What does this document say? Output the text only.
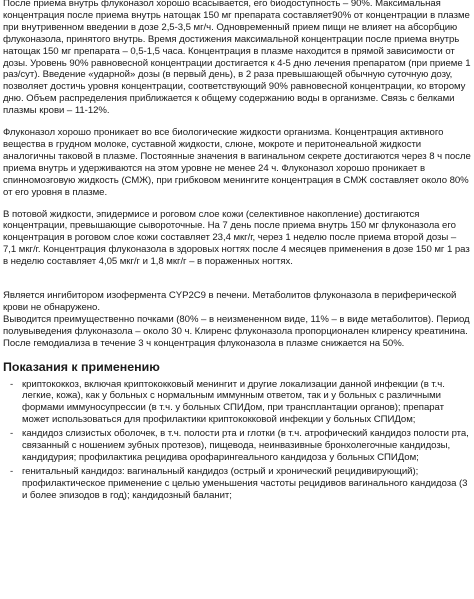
После приема внутрь флуконазол хорошо всасывается, его биодоступность – 90%. Максимальная концентрация после приема внутрь натощак 150 мг препарата составляет90% от концентрации в плазме при внутривенном введении в дозе 2,5-3,5 мг/ч. Одновременный прием пищи не влияет на абсорбцию флуконазола, принятого внутрь. Время достижения максимальной концентрации после приема внутрь натощак 150 мг препарата – 0,5-1,5 часа. Концентрация в плазме находится в прямой зависимости от дозы. Уровень 90% равновесной концентрации достигается к 4-5 дню лечения препаратом (при приеме 1 раз/сут). Введение «ударной» дозы (в первый день), в 2 раза превышающей обычную суточную дозу, позволяет достичь уровня концентрации, соответствующий 90% равновесной концентрации, ко второму дню. Объем распределения приближается к общему содержанию воды в организме. Связь с белками плазмы крови – 11-12%.

Флуконазол хорошо проникает во все биологические жидкости организма. Концентрация активного вещества в грудном молоке, суставной жидкости, слюне, мокроте и перитонеальной жидкости аналогичны таковой в плазме. Постоянные значения в вагинальном секрете достигаются через 8 ч после приема внутрь и удерживаются на этом уровне не менее 24 ч. Флуконазол хорошо проникает в спинномозговую жидкость (СМЖ), при грибковом менингите концентрация в СМЖ составляет около 80% от его уровня в плазме.

В потовой жидкости, эпидермисе и роговом слое кожи (селективное накопление) достигаются концентрации, превышающие сывороточные. На 7 день после приема внутрь 150 мг флуконазола его концентрация в роговом слое кожи составляет 23,4 мкг/г, через 1 неделю после приема второй дозы – 7,1 мкг/г. Концентрация флуконазола в здоровых ногтях после 4 месяцев применения в дозе 150 мг 1 раз в неделю составляет 4,05 мкг/г и 1,8 мкг/г – в пораженных ногтях.

Является ингибитором изофермента CYP2C9 в печени. Метаболитов флуконазола в периферической крови не обнаружено.
Выводится преимущественно почками (80% – в неизмененном виде, 11% – в виде метаболитов). Период полувыведения флуконазола – около 30 ч. Клиренс флуконазола пропорционален клиренсу креатинина. После гемодиализа в течение 3 ч концентрация флуконазола в плазме снижается на 50%.

Показания к применению
- криптококкоз, включая криптококковый менингит и другие локализации данной инфекции (в т.ч. легкие, кожа), как у больных с нормальным иммунным ответом, так и у больных с различными формами иммуносупрессии (в т.ч. у больных СПИДом, при трансплантации органов); препарат может использоваться для профилактики криптококковой инфекции у больных СПИДом;
- кандидоз слизистых оболочек, в т.ч. полости рта и глотки (в т.ч. атрофический кандидоз полости рта, связанный с ношением зубных протезов), пищевода, неинвазивные бронхолегочные кандидозы, кандидурия; профилактика рецидива орофарингеального кандидоза у больных СПИДом;
- генитальный кандидоз: вагинальный кандидоз (острый и хронический рецидивирующий); профилактическое применение с целью уменьшения частоты рецидивов вагинального кандидоза (3 и более эпизодов в год); кандидозный баланит;
